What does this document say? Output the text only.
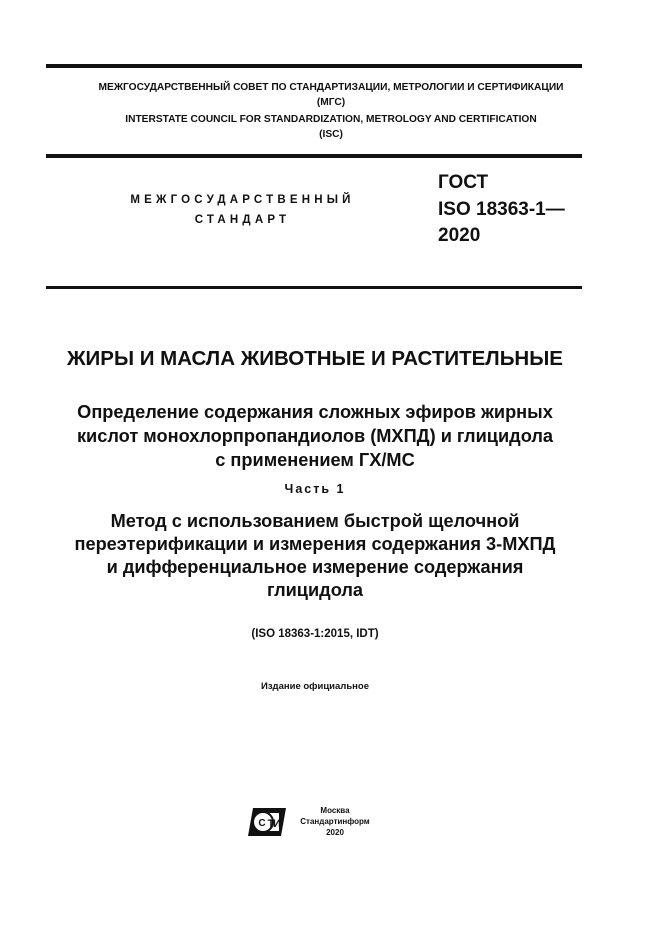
МЕЖГОСУДАРСТВЕННЫЙ СОВЕТ ПО СТАНДАРТИЗАЦИИ, МЕТРОЛОГИИ И СЕРТИФИКАЦИИ
(МГС)
INTERSTATE COUNCIL FOR STANDARDIZATION, METROLOGY AND CERTIFICATION
(ISC)
МЕЖГОСУДАРСТВЕННЫЙ
СТАНДАРТ
ГОСТ
ISO 18363-1—
2020
ЖИРЫ И МАСЛА ЖИВОТНЫЕ И РАСТИТЕЛЬНЫЕ
Определение содержания сложных эфиров жирных
кислот монохлорпропандиолов (МХПД) и глицидола
с применением ГХ/МС
Часть 1
Метод с использованием быстрой щелочной
переэтерификации и измерения содержания 3-МХПД
и дифференциальное измерение содержания
глицидола
(ISO 18363-1:2015, IDT)
Издание официальное
С Т
И
Москва
Стандартинформ
2020
